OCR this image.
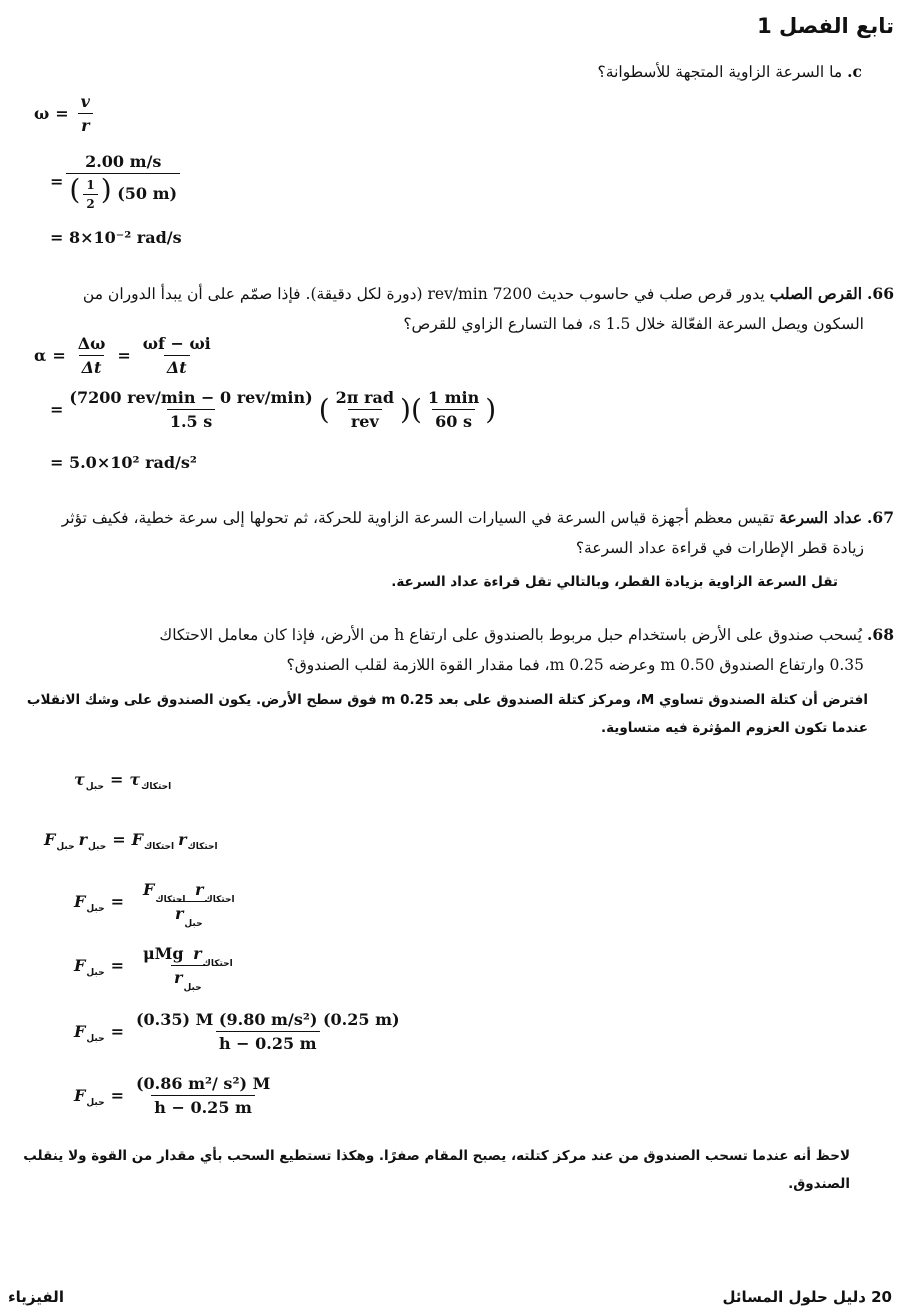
تابع الفصل 1
c. ما السرعة الزاوية المتجهة للأسطوانة؟
$\omega = \frac{v}{r}$
= $\frac{2.00 m/s}{( \frac{1}{2} ) (50 m)}$
= 8×10⁻² rad/s
66. القرص الصلب يدور قرص صلب في حاسوب حديث 7200 rev/min (دورة لكل دقيقة). فإذا صمّم على أن يبدأ الدوران من
السكون ويصل السرعة الفعّالة خلال 1.5 s، فما التسارع الزاوي للقرص؟
$\alpha = \frac{\Delta\omega}{\Delta t} = \frac{\omega f - \omega i}{\Delta t}$
= $\frac{\text{(7200 rev/min − 0 rev/min)}}{1.5 s}$ ( $\frac{\text{2π rad}}{\text{rev}}$ )( $\frac{1 \min}{60 s}$ )
= 5.0×10² rad/s²
67. عداد السرعة تقيس معظم أجهزة قياس السرعة في السيارات السرعة الزاوية للحركة، ثم تحولها إلى سرعة خطية، فكيف تؤثر
زيادة قطر الإطارات في قراءة عداد السرعة؟
تقل السرعة الزاوية بزيادة القطر، وبالتالي تقل قراءة عداد السرعة.
68. يُسحب صندوق على الأرض باستخدام حبل مربوط بالصندوق على ارتفاع h من الأرض، فإذا كان معامل الاحتكاك
0.35 وارتفاع الصندوق 0.50 m وعرضه 0.25 m، فما مقدار القوة اللازمة لقلب الصندوق؟
افترض أن كتلة الصندوق تساوي M، ومركز كتلة الصندوق على بعد 0.25 m فوق سطح الأرض. يكون الصندوق على وشك الانقلاب
عندما تكون العزوم المؤثرة فيه متساوية.
τ حبل = τ احتكاك
F حبل r حبل = F احتكاك r احتكاك
F حبل = $\frac{F_{احتكاك} r_{احتكاك}}{r_{حبل}}$
F حبل = $\frac{\mu Mg r_{احتكاك}}{r_{حبل}}$
F حبل = $\frac{\text{(0.35) M (9.80 m/s²) (0.25 m)}}{h - 0.25 m}$
F حبل = $\frac{\text{(0.86 m²/ s²) M}}{h - 0.25 m}$
لاحظ أنه عندما تسحب الصندوق من عند مركز كتلته، يصبح المقام صفرًا. وهكذا تستطيع السحب بأي مقدار من القوة ولا ينقلب
الصندوق.
الفيزياء	20 دليل حلول المسائل
